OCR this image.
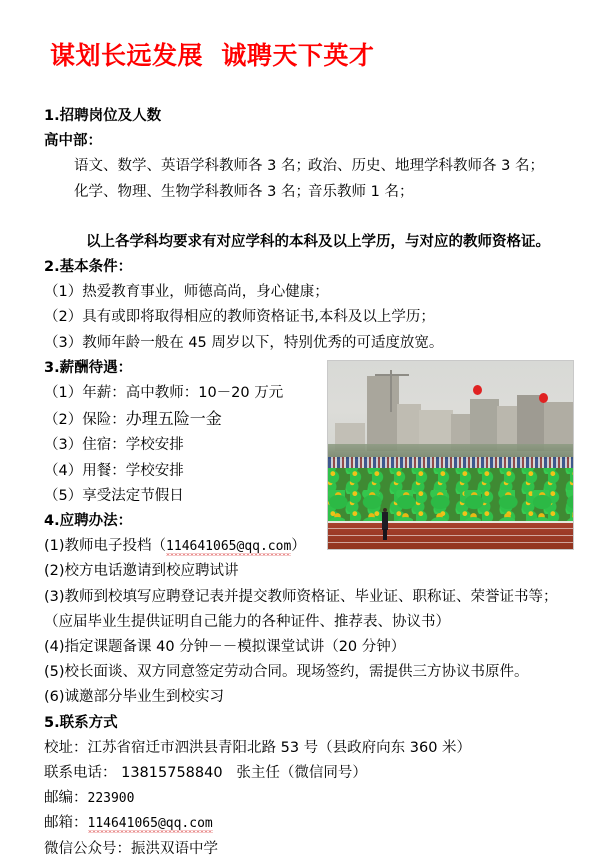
谋划长远发展  诚聘天下英才
1.招聘岗位及人数
高中部：
语文、数学、英语学科教师各 3 名；
政治、历史、地理学科教师各 3 名；
化学、物理、生物学科教师各 3 名；
音乐教师 1 名；
以上各学科均要求有对应学科的本科及以上学历，与对应的教师资格证。
2.基本条件：
（1）热爱教育事业，师德高尚，身心健康；
（2）具有或即将取得相应的教师资格证书,本科及以上学历；
（3）教师年龄一般在 45 周岁以下，特别优秀的可适度放宽。
3.薪酬待遇：
（1）年薪：高中教师：10－20 万元
（2）保险：办理五险一金
（3）住宿：学校安排
（4）用餐：学校安排
（5）享受法定节假日
4.应聘办法：
(1)教师电子投档（114641065@qq.com）
(2)校方电话邀请到校应聘试讲
(3)教师到校填写应聘登记表并提交教师资格证、毕业证、职称证、荣誉证书等；
（应届毕业生提供证明自己能力的各种证件、推荐表、协议书）
(4)指定课题备课 40 分钟－－模拟课堂试讲（20 分钟）
(5)校长面谈、双方同意签定劳动合同。现场签约，需提供三方协议书原件。
(6)诚邀部分毕业生到校实习
5.联系方式
校址：江苏省宿迁市泗洪县青阳北路 53 号（县政府向东 360 米）
联系电话： 13815758840   张主任（微信同号）
邮编：223900
邮箱：114641065@qq.com
微信公众号：振洪双语中学
